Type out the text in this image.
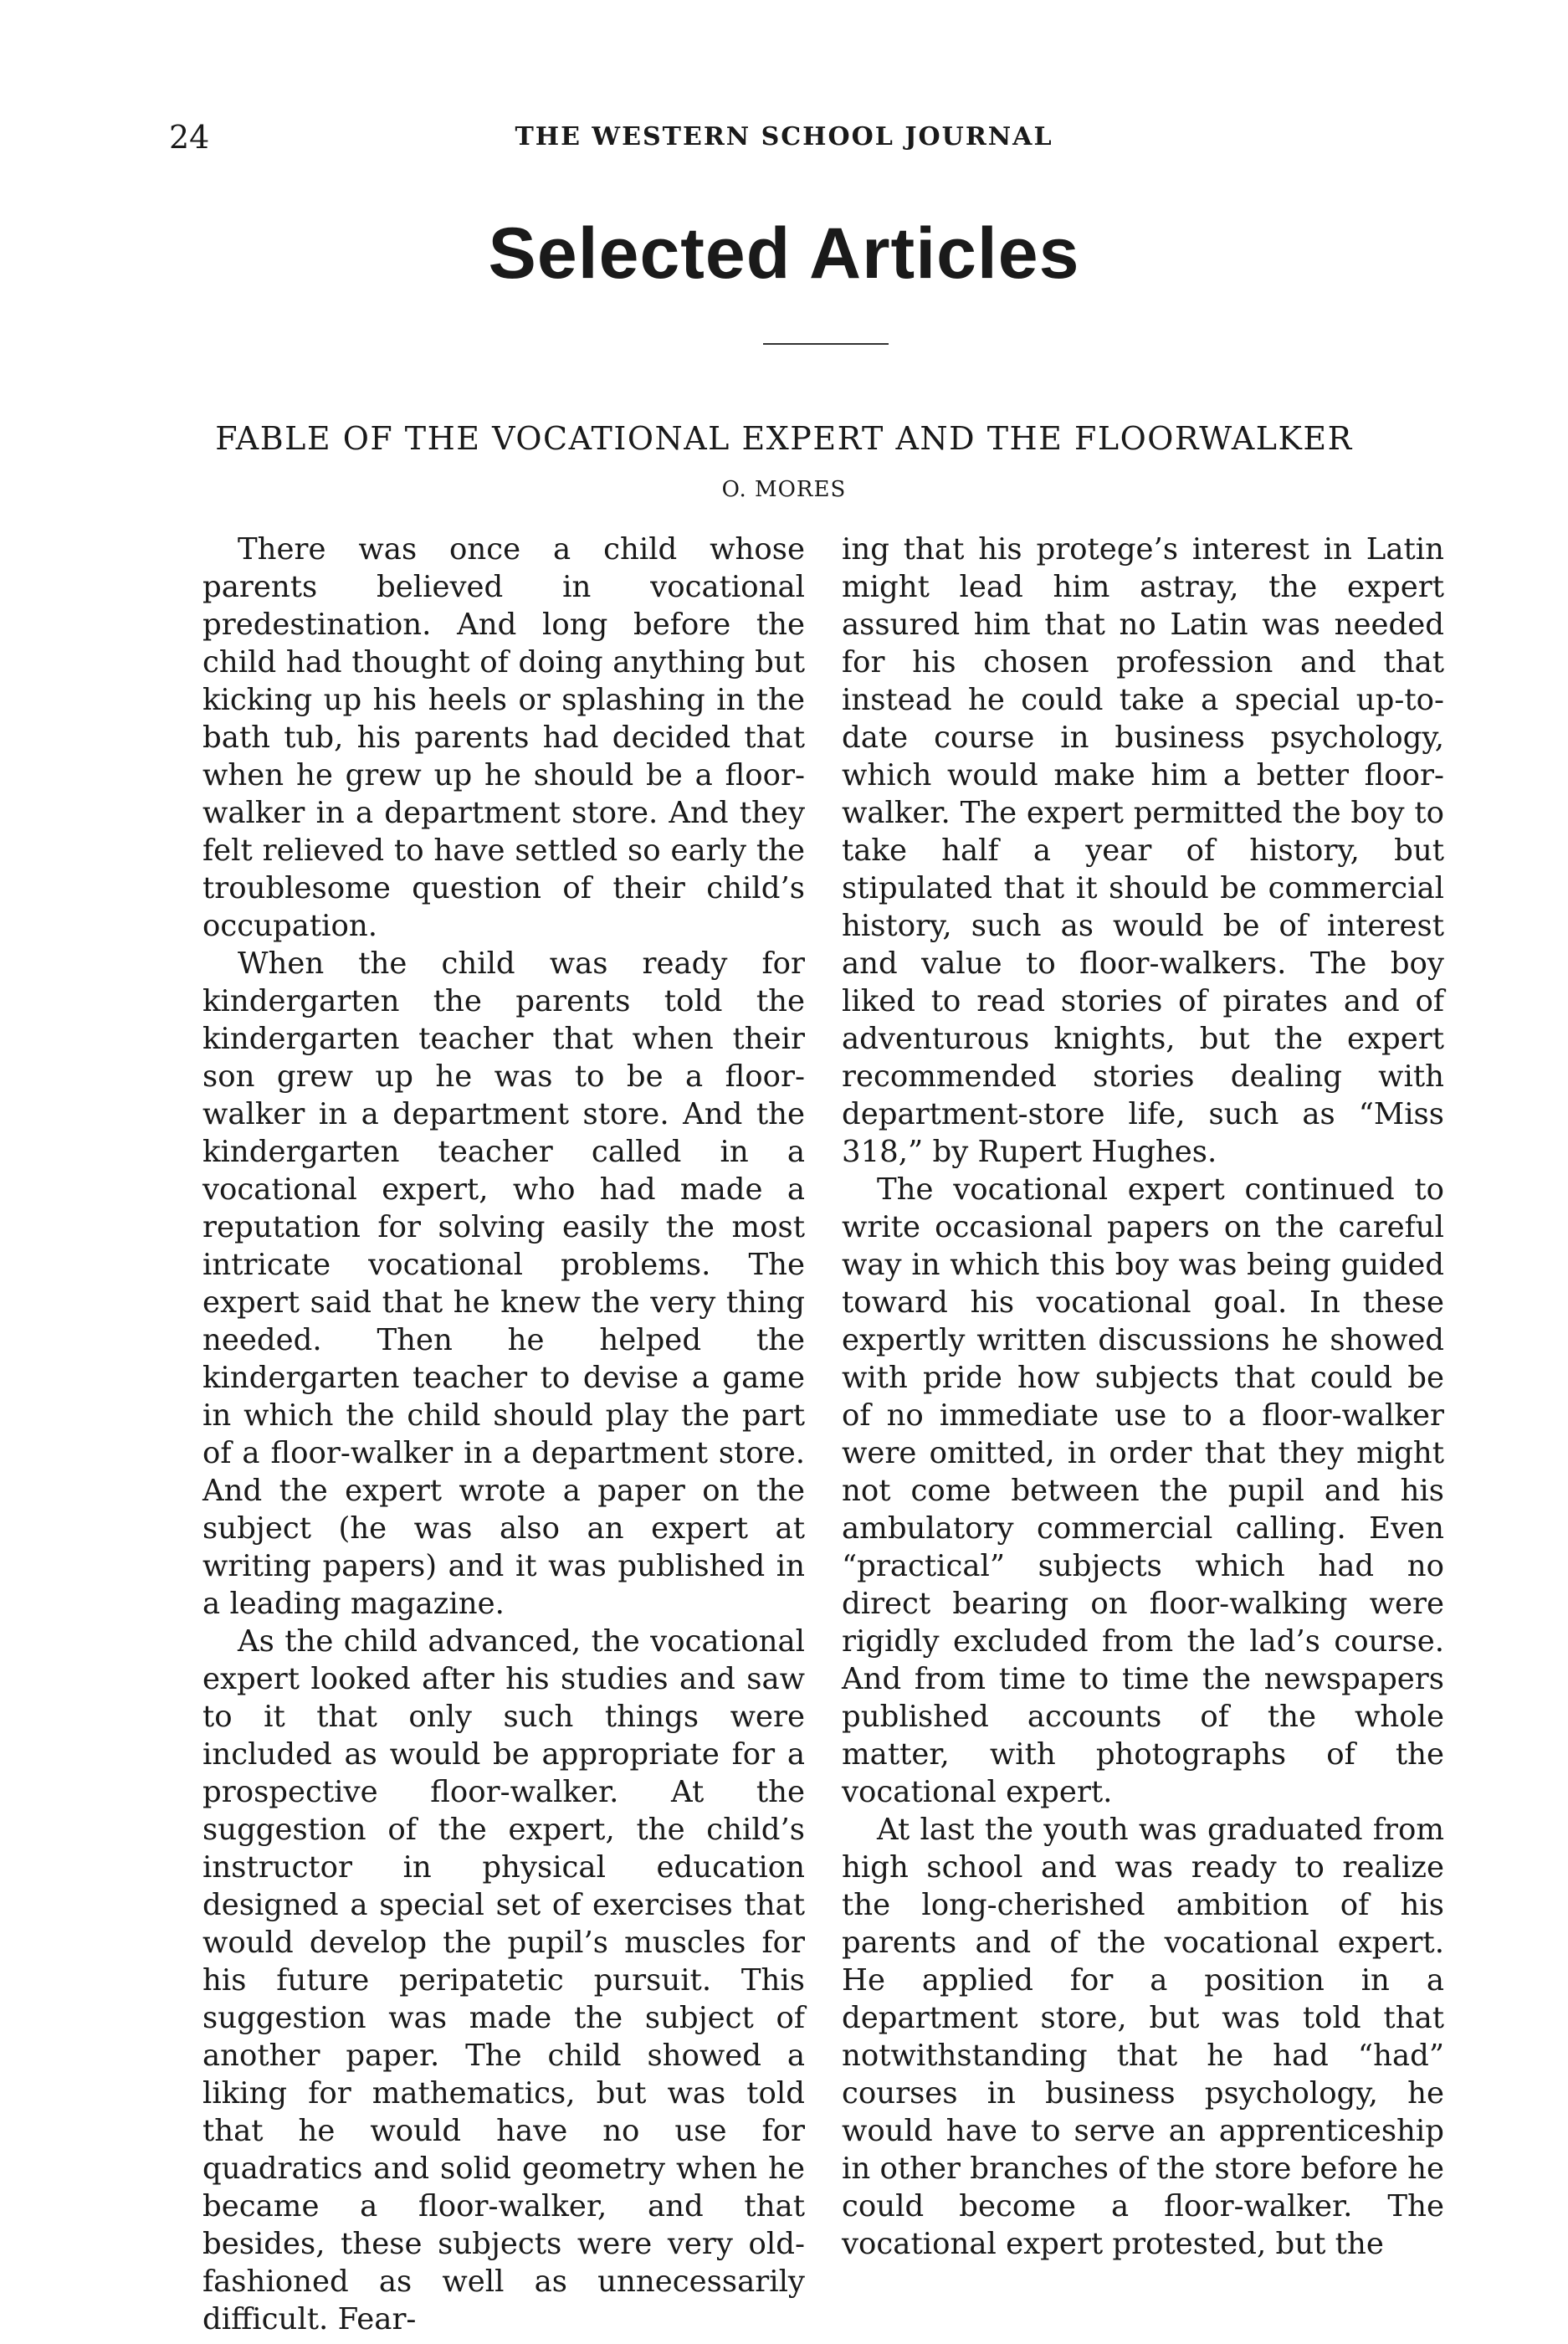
24	THE WESTERN SCHOOL JOURNAL
Selected Articles
FABLE OF THE VOCATIONAL EXPERT AND THE FLOORWALKER
O. MORES

There was once a child whose parents believed in vocational predestination. And long before the child had thought of doing anything but kicking up his heels or splashing in the bath tub, his parents had decided that when he grew up he should be a floor-walker in a department store. And they felt relieved to have settled so early the troublesome question of their child’s occupation.

When the child was ready for kindergarten the parents told the kindergarten teacher that when their son grew up he was to be a floor-walker in a department store. And the kindergarten teacher called in a vocational expert, who had made a reputation for solving easily the most intricate vocational problems. The expert said that he knew the very thing needed. Then he helped the kindergarten teacher to devise a game in which the child should play the part of a floor-walker in a department store. And the expert wrote a paper on the subject (he was also an expert at writing papers) and it was published in a leading magazine.

As the child advanced, the vocational expert looked after his studies and saw to it that only such things were included as would be appropriate for a prospective floor-walker. At the suggestion of the expert, the child’s instructor in physical education designed a special set of exercises that would develop the pupil’s muscles for his future peripatetic pursuit. This suggestion was made the subject of another paper. The child showed a liking for mathematics, but was told that he would have no use for quadratics and solid geometry when he became a floor-walker, and that besides, these subjects were very old-fashioned as well as unnecessarily difficult. Fear-

ing that his protege’s interest in Latin might lead him astray, the expert assured him that no Latin was needed for his chosen profession and that instead he could take a special up-to-date course in business psychology, which would make him a better floor-walker. The expert permitted the boy to take half a year of history, but stipulated that it should be commercial history, such as would be of interest and value to floor-walkers. The boy liked to read stories of pirates and of adventurous knights, but the expert recommended stories dealing with department-store life, such as “Miss 318,” by Rupert Hughes.

The vocational expert continued to write occasional papers on the careful way in which this boy was being guided toward his vocational goal. In these expertly written discussions he showed with pride how subjects that could be of no immediate use to a floor-walker were omitted, in order that they might not come between the pupil and his ambulatory commercial calling. Even “practical” subjects which had no direct bearing on floor-walking were rigidly excluded from the lad’s course. And from time to time the newspapers published accounts of the whole matter, with photographs of the vocational expert.

At last the youth was graduated from high school and was ready to realize the long-cherished ambition of his parents and of the vocational expert. He applied for a position in a department store, but was told that notwithstanding that he had “had” courses in business psychology, he would have to serve an apprenticeship in other branches of the store before he could become a floor-walker. The vocational expert protested, but the
